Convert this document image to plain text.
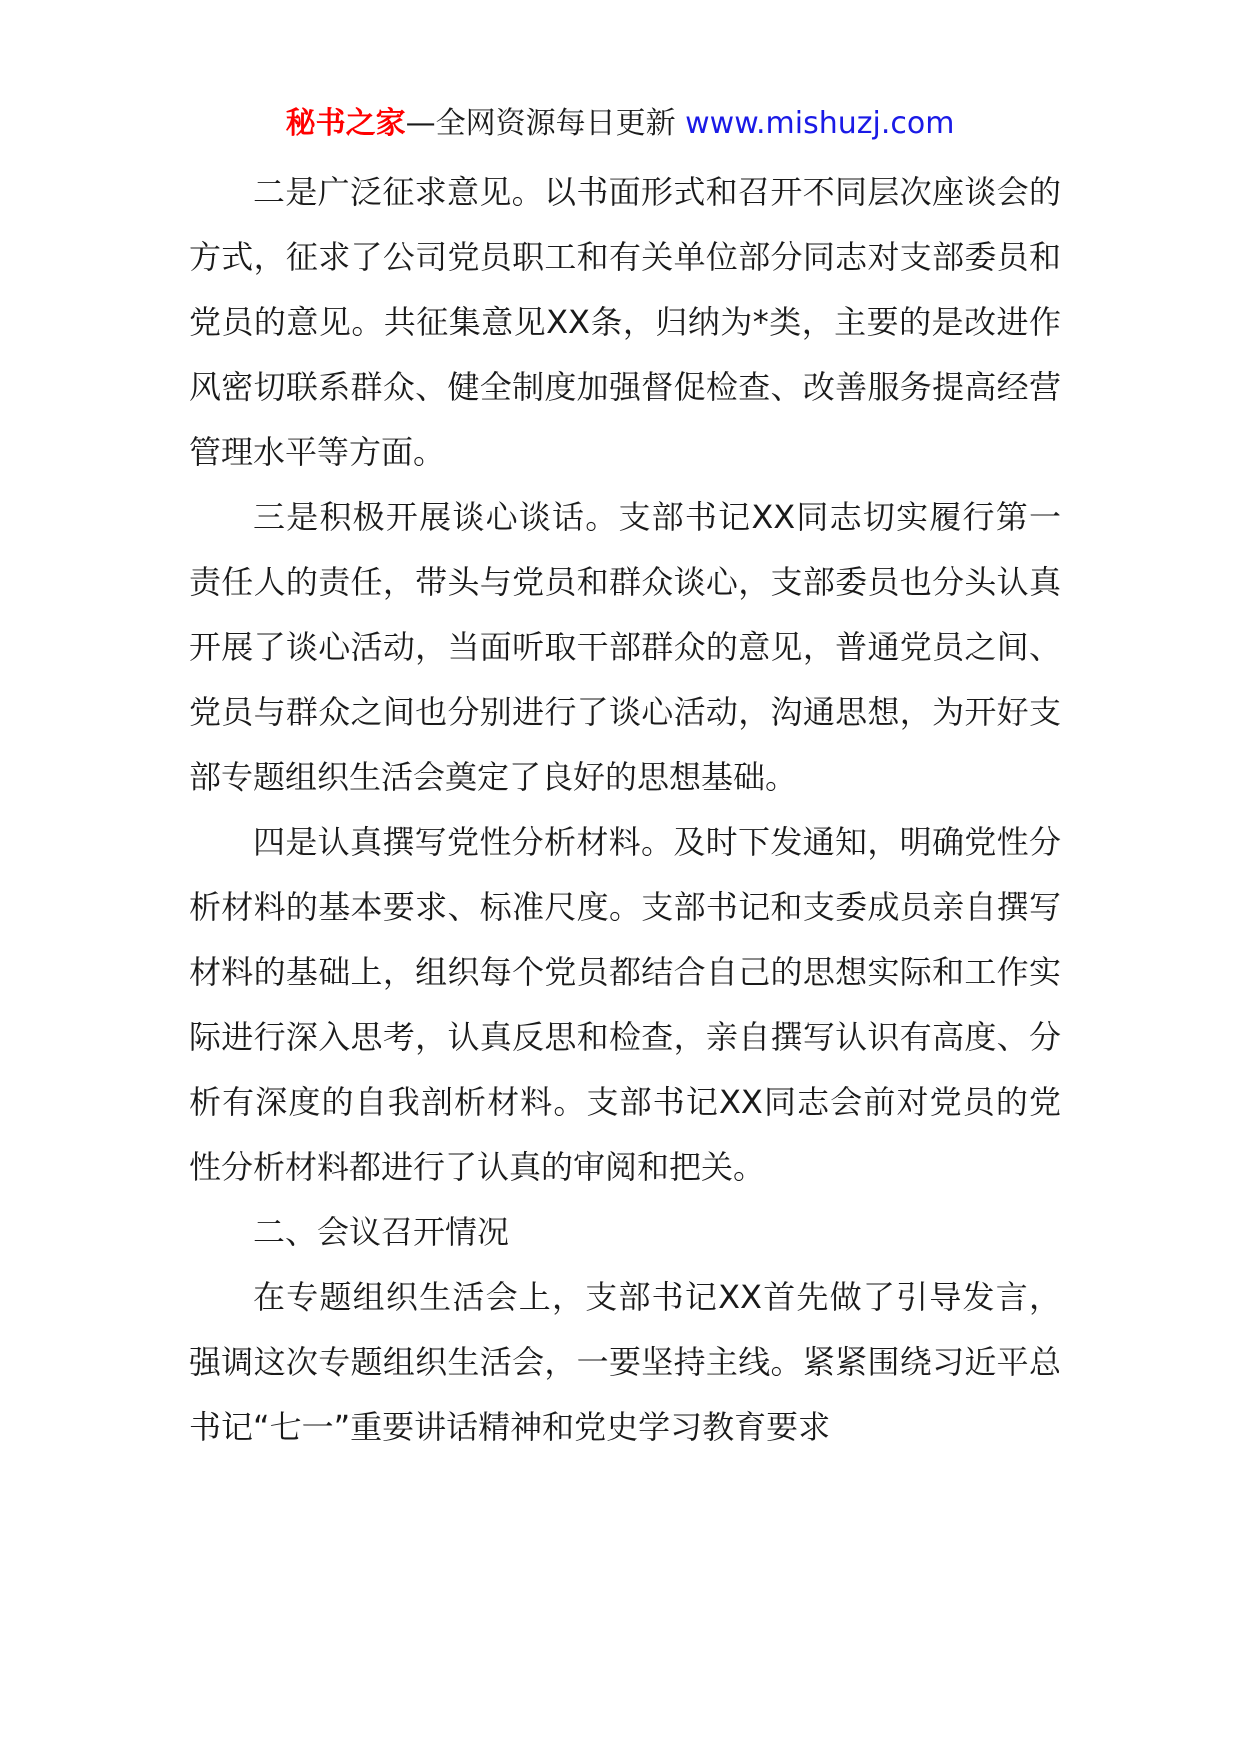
秘书之家—全网资源每日更新 www.mishuzj.com

二是广泛征求意见。以书面形式和召开不同层次座谈会的方式，征求了公司党员职工和有关单位部分同志对支部委员和党员的意见。共征集意见XX条，归纳为*类，主要的是改进作风密切联系群众、健全制度加强督促检查、改善服务提高经营管理水平等方面。

三是积极开展谈心谈话。支部书记XX同志切实履行第一责任人的责任，带头与党员和群众谈心，支部委员也分头认真开展了谈心活动，当面听取干部群众的意见，普通党员之间、党员与群众之间也分别进行了谈心活动，沟通思想，为开好支部专题组织生活会奠定了良好的思想基础。

四是认真撰写党性分析材料。及时下发通知，明确党性分析材料的基本要求、标准尺度。支部书记和支委成员亲自撰写材料的基础上，组织每个党员都结合自己的思想实际和工作实际进行深入思考，认真反思和检查，亲自撰写认识有高度、分析有深度的自我剖析材料。支部书记XX同志会前对党员的党性分析材料都进行了认真的审阅和把关。

二、会议召开情况

在专题组织生活会上，支部书记XX首先做了引导发言，强调这次专题组织生活会，一要坚持主线。紧紧围绕习近平总书记“七一”重要讲话精神和党史学习教育要求
